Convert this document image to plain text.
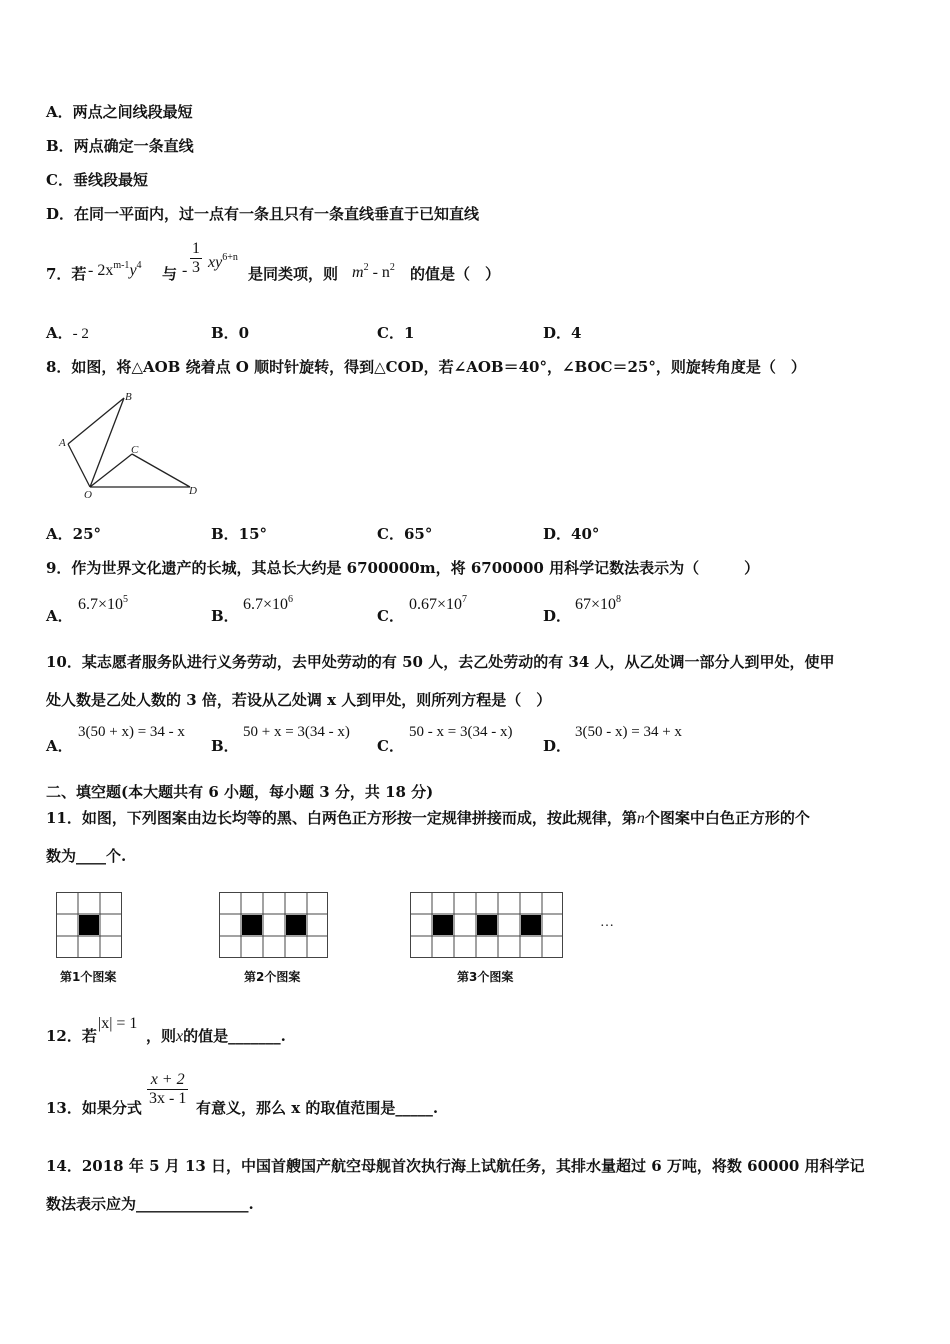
A．两点之间线段最短
B．两点确定一条直线
C．垂线段最短
D．在同一平面内，过一点有一条且只有一条直线垂直于已知直线
7．若 - $2x^{m-1}y^4$ 与 - $\frac{1}{3} xy^{6+n}$
是同类项，则 $m^2 - n^2$ 的值是（　）
A．- 2	B．0	C．1	D．4
8．如图，将△AOB 绕着点 O 顺时针旋转，得到△COD，若∠AOB＝40°，∠BOC＝25°，则旋转角度是（　）
A
B
C
O	D
A．25°	B．15°	C．65°	D．40°
9．作为世界文化遗产的长城，其总长大约是 6700000m，将 6700000 用科学记数法表示为（　　　）
A．
$6.7\times 10^5$
B．
$6.7\times 10^6$
C．
$0.67\times 10^7$
D．
$67\times 10^8$
10．某志愿者服务队进行义务劳动，去甲处劳动的有 50 人，去乙处劳动的有 34 人，从乙处调一部分人到甲处，使甲
处人数是乙处人数的 3 倍，若设从乙处调 x 人到甲处，则所列方程是（　）
A．
3(50 + x) = 34 - x
B．
50 + x = 3(34 - x)
C．
50 - x = 3(34 - x)
D．
3(50 - x) = 34 + x
二、填空题(本大题共有 6 小题，每小题 3 分，共 18 分)
11．如图，下列图案由边长均等的黑、白两色正方形按一定规律拼接而成，按此规律，第n个图案中白色正方形的个
数为____个.
第1个图案	第2个图案	第3个图案
…
12．若
|x| = 1
，则x的值是_______.
13．如果分式 $\frac{x + 2}{3x - 1}$ 有意义，那么 x 的取值范围是_____.
14．2018 年 5 月 13 日，中国首艘国产航空母舰首次执行海上试航任务，其排水量超过 6 万吨，将数 60000 用科学记
数法表示应为_______________.
